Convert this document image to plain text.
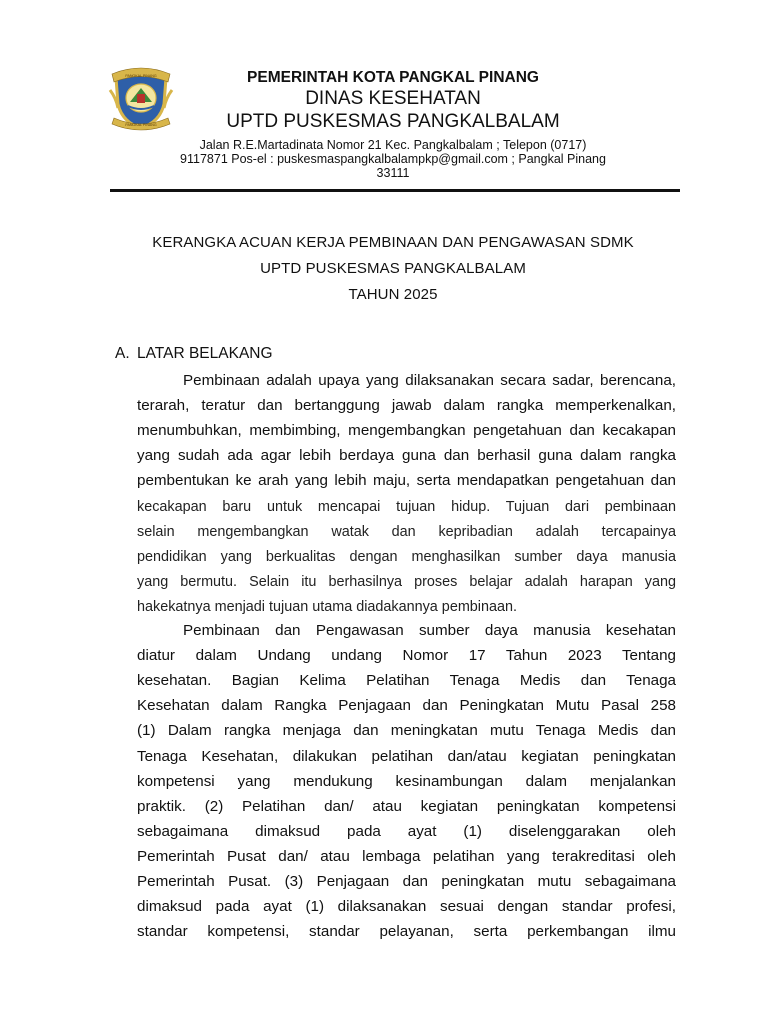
PANGKAL PINANG
PANGKAL PINANG
PEMERINTAH KOTA PANGKAL PINANG
DINAS KESEHATAN
UPTD PUSKESMAS PANGKALBALAM
Jalan R.E.Martadinata Nomor 21 Kec. Pangkalbalam ; Telepon (0717)
9117871 Pos-el : puskesmaspangkalbalampkp@gmail.com ; Pangkal Pinang
33111
KERANGKA ACUAN KERJA PEMBINAAN DAN PENGAWASAN SDMK
UPTD PUSKESMAS PANGKALBALAM
TAHUN 2025
A. LATAR BELAKANG
Pembinaan adalah upaya yang dilaksanakan secara sadar, berencana,
terarah, teratur dan bertanggung jawab dalam rangka memperkenalkan,
menumbuhkan, membimbing, mengembangkan pengetahuan dan kecakapan
yang sudah ada agar lebih berdaya guna dan berhasil guna dalam rangka
pembentukan ke arah yang lebih maju, serta mendapatkan pengetahuan dan
kecakapan baru untuk mencapai tujuan hidup. Tujuan dari pembinaan
selain mengembangkan watak dan kepribadian adalah tercapainya
pendidikan yang berkualitas dengan menghasilkan sumber daya manusia
yang bermutu. Selain itu berhasilnya proses belajar adalah harapan yang
hakekatnya menjadi tujuan utama diadakannya pembinaan.
Pembinaan dan Pengawasan sumber daya manusia kesehatan
diatur dalam Undang undang Nomor 17 Tahun 2023 Tentang
kesehatan. Bagian Kelima Pelatihan Tenaga Medis dan Tenaga
Kesehatan dalam Rangka Penjagaan dan Peningkatan Mutu Pasal 258
(1) Dalam rangka menjaga dan meningkatan mutu Tenaga Medis dan
Tenaga Kesehatan, dilakukan pelatihan dan/atau kegiatan peningkatan
kompetensi yang mendukung kesinambungan dalam menjalankan
praktik. (2) Pelatihan dan/ atau kegiatan peningkatan kompetensi
sebagaimana dimaksud pada ayat (1) diselenggarakan oleh
Pemerintah Pusat dan/ atau lembaga pelatihan yang terakreditasi oleh
Pemerintah Pusat. (3) Penjagaan dan peningkatan mutu sebagaimana
dimaksud pada ayat (1) dilaksanakan sesuai dengan standar profesi,
standar kompetensi, standar pelayanan, serta perkembangan ilmu
